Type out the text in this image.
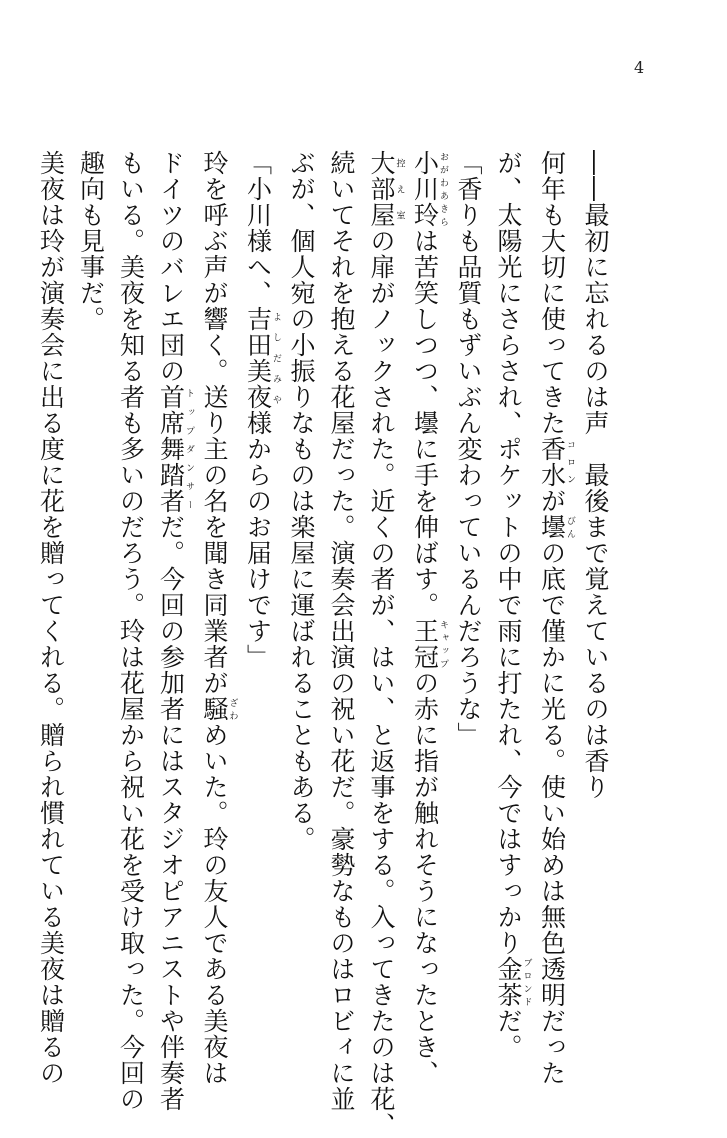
4
――最初に忘れるのは声　最後まで覚えているのは香り
何年も大切に使ってきた香水コロンが壜びんの底で僅かに光る。使い始めは無色透明だった
が、太陽光にさらされ、ポケットの中で雨に打たれ、今ではすっかり金茶ブロンドだ。
「香りも品質もずいぶん変わっているんだろうな」
小川玲おがわあきらは苦笑しつつ、壜に手を伸ばす。王冠キャップの赤に指が触れそうになったとき、
大部屋控え室の扉がノックされた。近くの者が、はい、と返事をする。入ってきたのは花、
続いてそれを抱える花屋だった。演奏会出演の祝い花だ。豪勢なものはロビィに並
ぶが、個人宛の小振りなものは楽屋に運ばれることもある。
「小川様へ、吉田美夜よしだみや様からのお届けです」
玲を呼ぶ声が響く。送り主の名を聞き同業者が騒ざわめいた。玲の友人である美夜は
ドイツのバレエ団の首席舞踏者トップダンサーだ。今回の参加者にはスタジオピアニストや伴奏者
もいる。美夜を知る者も多いのだろう。玲は花屋から祝い花を受け取った。今回の
趣向も見事だ。
美夜は玲が演奏会に出る度に花を贈ってくれる。贈られ慣れている美夜は贈るの
